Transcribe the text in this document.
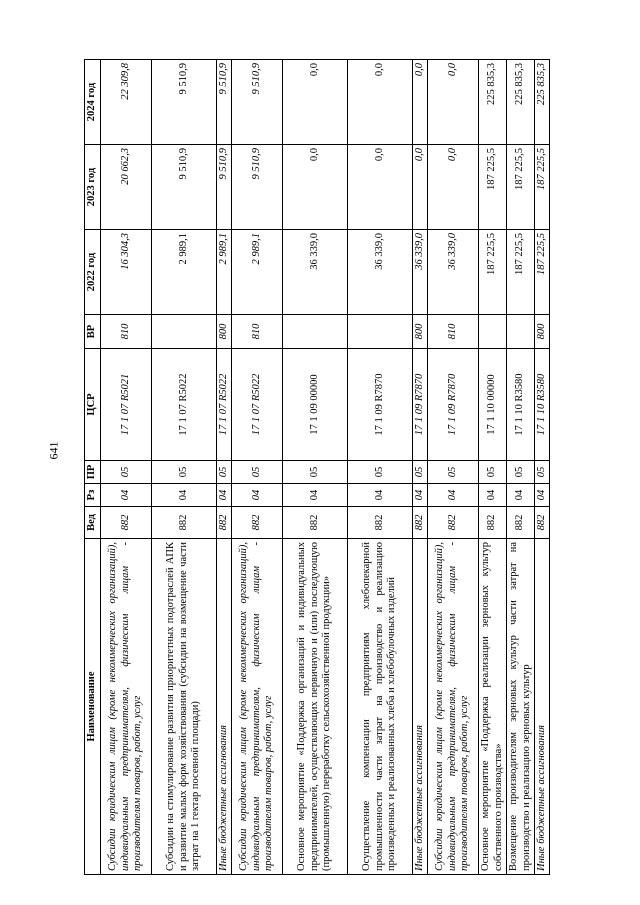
641
Наименование	Вед	Рз	ПР	ЦСР	ВР	2022 год	2023 год	2024 год
Субсидии юридическим лицам (кроме некоммерческих организаций), индивидуальным предпринимателям, физическим лицам - производителям товаров, работ, услуг	882	04	05	17 1 07 R5021	810	16 304,3	20 662,3	22 309,8
Субсидии на стимулирование развития приоритетных подотраслей АПК и развитие малых форм хозяйствования (субсидии на возмещение части затрат на 1 гектар посевной площади)	882	04	05	17 1 07 R5022		2 989,1	9 510,9	9 510,9
Иные бюджетные ассигнования	882	04	05	17 1 07 R5022	800	2 989,1	9 510,9	9 510,9
Субсидии юридическим лицам (кроме некоммерческих организаций), индивидуальным предпринимателям, физическим лицам - производителям товаров, работ, услуг	882	04	05	17 1 07 R5022	810	2 989,1	9 510,9	9 510,9
Основное мероприятие «Поддержка организаций и индивидуальных предпринимателей, осуществляющих первичную и (или) последующую (промышленную) переработку сельскохозяйственной продукции»	882	04	05	17 1 09 00000		36 339,0	0,0	0,0
Осуществление компенсации предприятиям хлебопекарной промышленности части затрат на производство и реализацию произведенных и реализованных хлеба и хлебобулочных изделий	882	04	05	17 1 09 R7870		36 339,0	0,0	0,0
Иные бюджетные ассигнования	882	04	05	17 1 09 R7870	800	36 339,0	0,0	0,0
Субсидии юридическим лицам (кроме некоммерческих организаций), индивидуальным предпринимателям, физическим лицам - производителям товаров, работ, услуг	882	04	05	17 1 09 R7870	810	36 339,0	0,0	0,0
Основное мероприятие «Поддержка реализации зерновых культур собственного производства»	882	04	05	17 1 10 00000		187 225,5	187 225,5	225 835,3
Возмещение производителям зерновых культур части затрат на производство и реализацию зерновых культур	882	04	05	17 1 10 R3580		187 225,5	187 225,5	225 835,3
Иные бюджетные ассигнования	882	04	05	17 1 10 R3580	800	187 225,5	187 225,5	225 835,3
